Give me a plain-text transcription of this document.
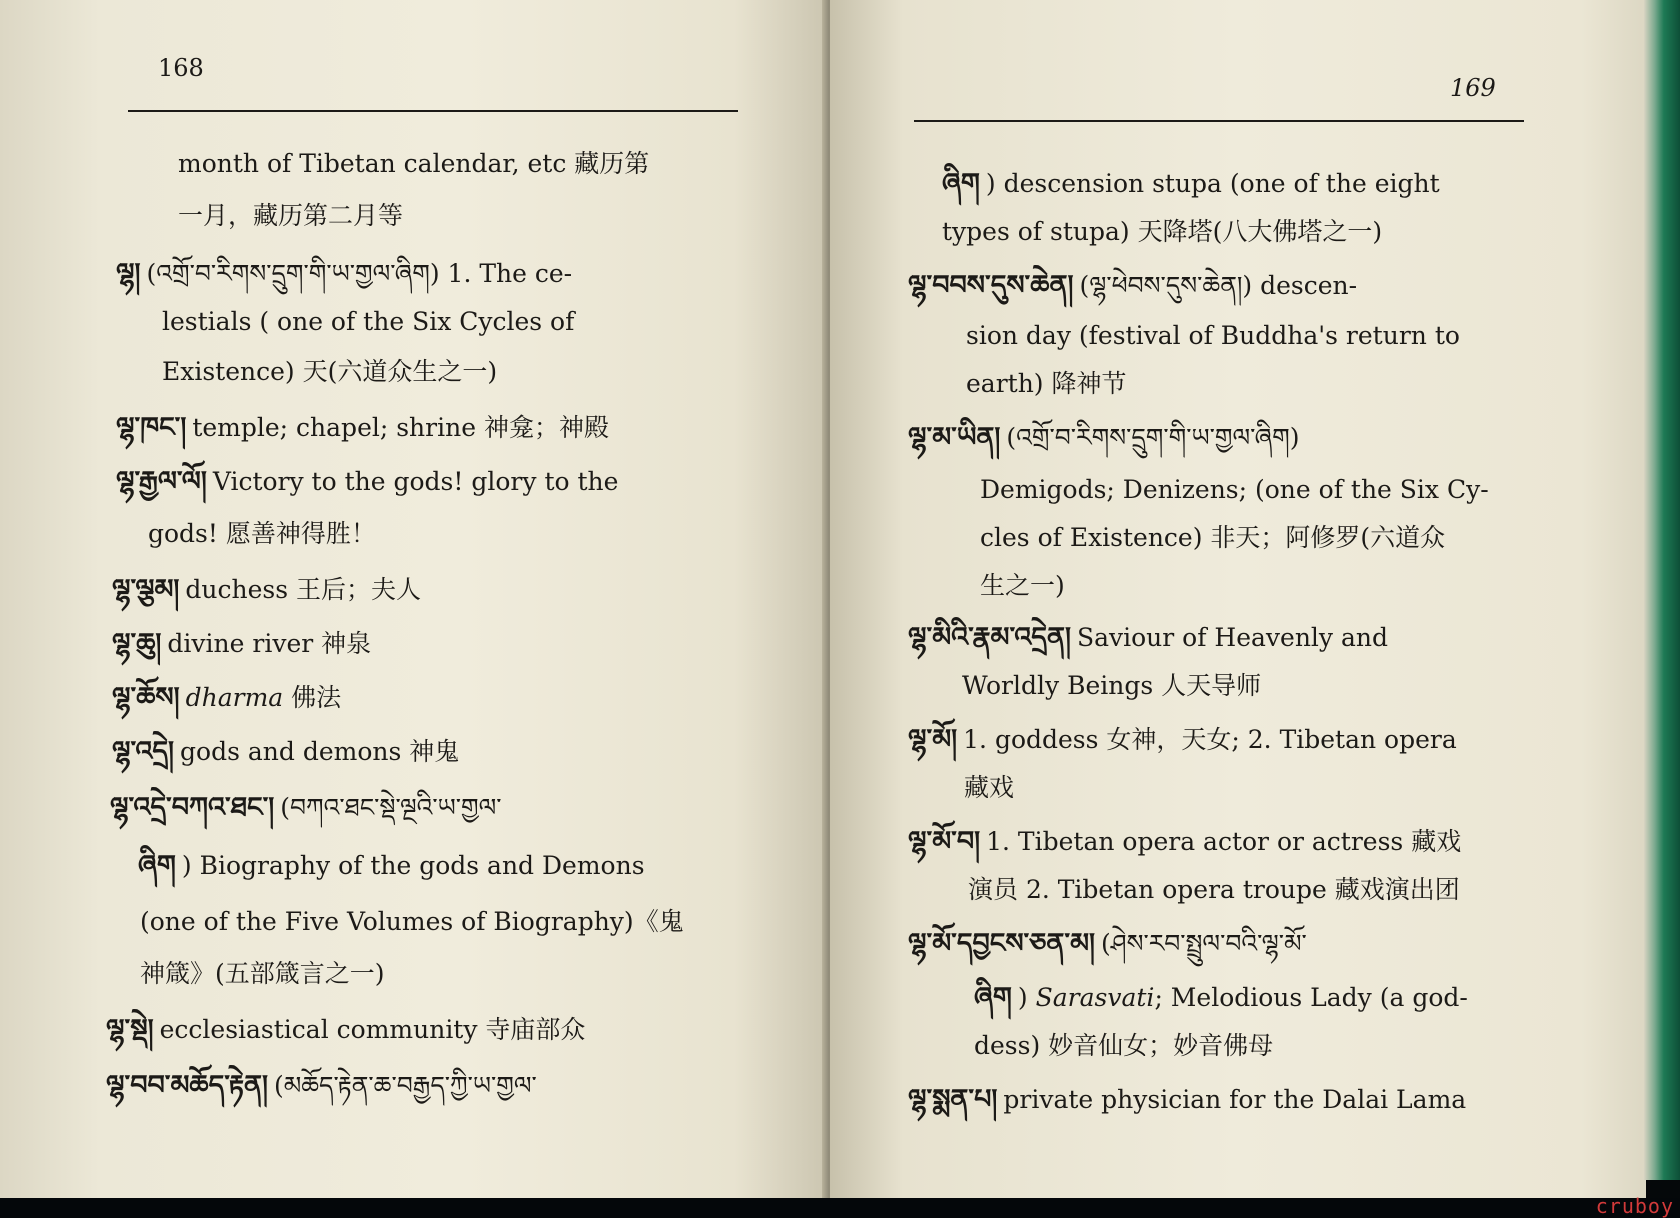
168
month of Tibetan calendar, etc 藏历第
一月，藏历第二月等
ལྷ། (འགྲོ་བ་རིགས་དྲུག་གི་ཡ་གྱལ་ཞིག) 1. The ce-
lestials ( one of the Six Cycles of
Existence) 天(六道众生之一)
ལྷ་ཁང་། temple; chapel; shrine 神龛；神殿
ལྷ་རྒྱལ་ལོ། Victory to the gods! glory to the
gods! 愿善神得胜！
ལྷ་ལྕམ། duchess 王后；夫人
ལྷ་ཆུ། divine river 神泉
ལྷ་ཆོས། dharma 佛法
ལྷ་འདྲེ། gods and demons 神鬼
ལྷ་འདྲེ་བཀའ་ཐང་། (བཀའ་ཐང་སྡེ་ལྔའི་ཡ་གྱལ་
ཞིག ) Biography of the gods and Demons
(one of the Five Volumes of Biography)《鬼
神箴》(五部箴言之一)
ལྷ་སྡེ། ecclesiastical community 寺庙部众
ལྷ་བབ་མཆོད་རྟེན། (མཆོད་རྟེན་ཆ་བརྒྱད་ཀྱི་ཡ་གྱལ་
169
ཞིག ) descension stupa (one of the eight
types of stupa) 天降塔(八大佛塔之一)
ལྷ་བབས་དུས་ཆེན། (ལྷ་ཕེབས་དུས་ཆེན།) descen-
sion day (festival of Buddha's return to
earth) 降神节
ལྷ་མ་ཡིན། (འགྲོ་བ་རིགས་དྲུག་གི་ཡ་གྱལ་ཞིག)
Demigods; Denizens; (one of the Six Cy-
cles of Existence) 非天；阿修罗(六道众
生之一)
ལྷ་མིའི་རྣམ་འདྲེན། Saviour of Heavenly and
Worldly Beings 人天导师
ལྷ་མོ། 1. goddess 女神，天女; 2. Tibetan opera
藏戏
ལྷ་མོ་བ། 1. Tibetan opera actor or actress 藏戏
演员 2. Tibetan opera troupe 藏戏演出团
ལྷ་མོ་དབྱངས་ཅན་མ། (ཤེས་རབ་སྤྲུལ་བའི་ལྷ་མོ་
ཞིག ) Sarasvati; Melodious Lady (a god-
dess) 妙音仙女；妙音佛母
ལྷ་སྨན་པ། private physician for the Dalai Lama
cruboy
